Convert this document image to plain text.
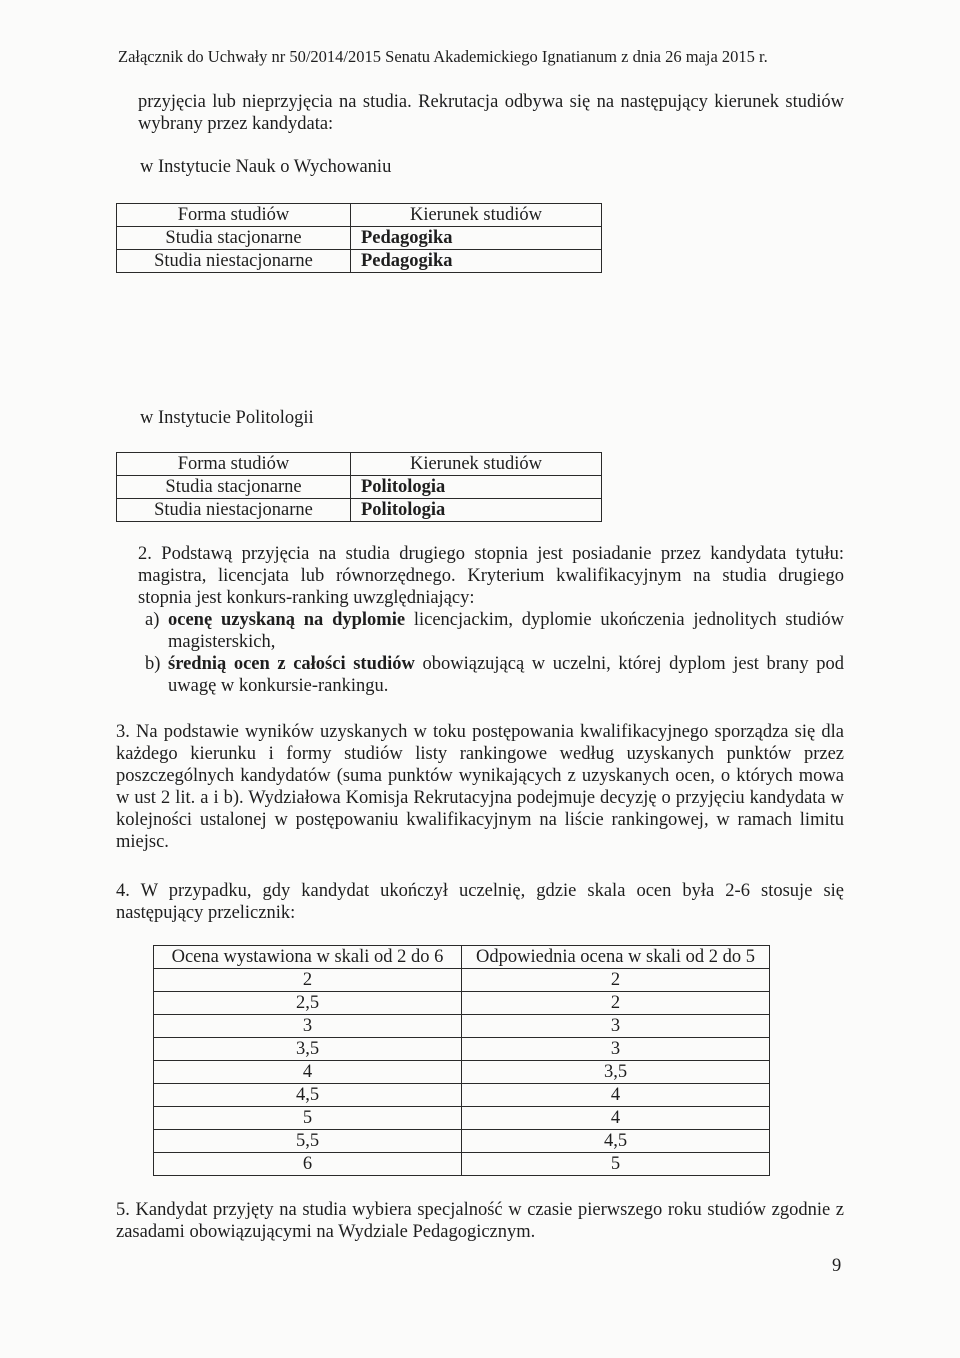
Załącznik do Uchwały nr 50/2014/2015 Senatu Akademickiego Ignatianum z dnia 26 maja 2015 r.
przyjęcia lub nieprzyjęcia na studia. Rekrutacja odbywa się na następujący kierunek studiów wybrany przez kandydata:
w Instytucie Nauk o Wychowaniu
Forma studiów	Kierunek studiów
Studia stacjonarne	Pedagogika
Studia niestacjonarne	Pedagogika
w Instytucie Politologii
Forma studiów	Kierunek studiów
Studia stacjonarne	Politologia
Studia niestacjonarne	Politologia
2. Podstawą przyjęcia na studia drugiego stopnia jest posiadanie przez kandydata tytułu: magistra, licencjata lub równorzędnego. Kryterium kwalifikacyjnym na studia drugiego stopnia jest konkurs-ranking uwzględniający:
a) ocenę uzyskaną na dyplomie licencjackim, dyplomie ukończenia jednolitych studiów magisterskich,
b) średnią ocen z całości studiów obowiązującą w uczelni, której dyplom jest brany pod uwagę w konkursie-rankingu.
3. Na podstawie wyników uzyskanych w toku postępowania kwalifikacyjnego sporządza się dla każdego kierunku i formy studiów listy rankingowe według uzyskanych punktów przez poszczególnych kandydatów (suma punktów wynikających z uzyskanych ocen, o których mowa w ust 2 lit. a i b). Wydziałowa Komisja Rekrutacyjna podejmuje decyzję o przyjęciu kandydata w kolejności ustalonej w postępowaniu kwalifikacyjnym na liście rankingowej, w ramach limitu miejsc.
4. W przypadku, gdy kandydat ukończył uczelnię, gdzie skala ocen była 2-6 stosuje się następujący przelicznik:
Ocena wystawiona w skali od 2 do 6	Odpowiednia ocena w skali od 2 do 5
2	2
2,5	2
3	3
3,5	3
4	3,5
4,5	4
5	4
5,5	4,5
6	5
5. Kandydat przyjęty na studia wybiera specjalność w czasie pierwszego roku studiów zgodnie z zasadami obowiązującymi na Wydziale Pedagogicznym.
9
